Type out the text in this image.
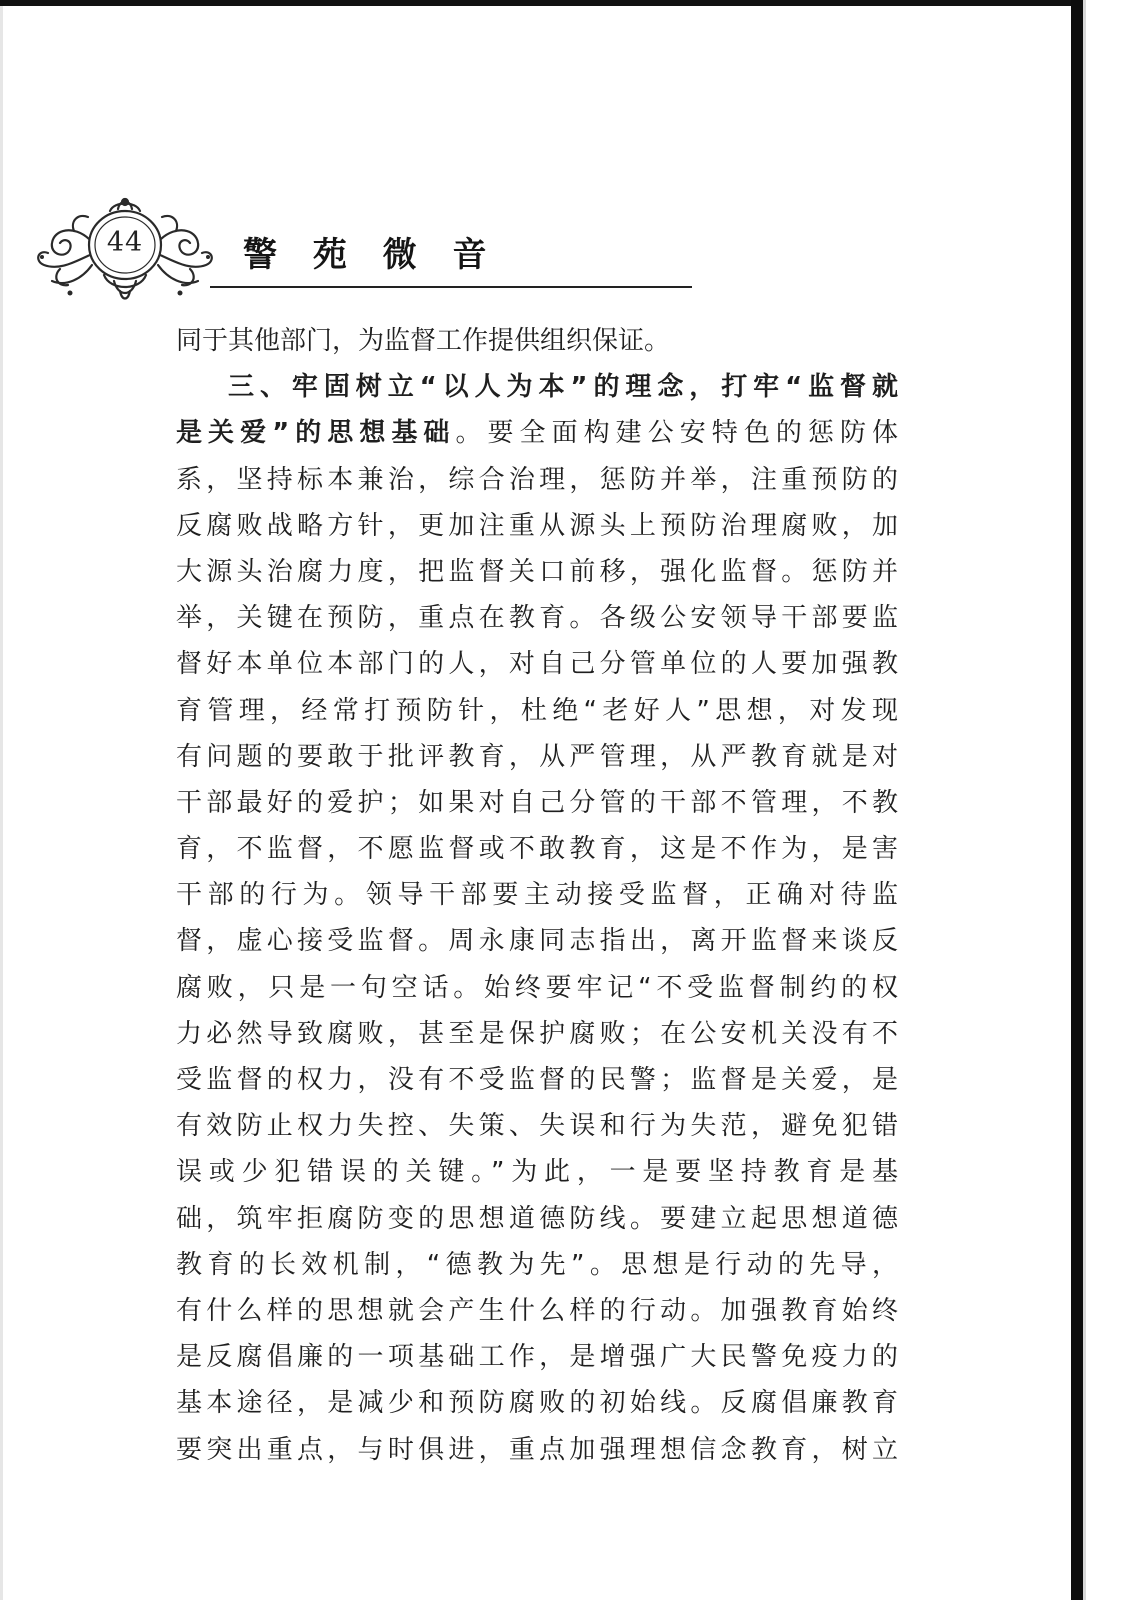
44	警 苑 微 音
同于其他部门，为监督工作提供组织保证。
三、牢固树立“以人为本”的理念，打牢“监督就
是关爱”的思想基础。要全面构建公安特色的惩防体
系，坚持标本兼治，综合治理，惩防并举，注重预防的
反腐败战略方针，更加注重从源头上预防治理腐败，加
大源头治腐力度，把监督关口前移，强化监督。惩防并
举，关键在预防，重点在教育。各级公安领导干部要监
督好本单位本部门的人，对自己分管单位的人要加强教
育管理，经常打预防针，杜绝“老好人”思想，对发现
有问题的要敢于批评教育，从严管理，从严教育就是对
干部最好的爱护；如果对自己分管的干部不管理，不教
育，不监督，不愿监督或不敢教育，这是不作为，是害
干部的行为。领导干部要主动接受监督，正确对待监
督，虚心接受监督。周永康同志指出，离开监督来谈反
腐败，只是一句空话。始终要牢记“不受监督制约的权
力必然导致腐败，甚至是保护腐败；在公安机关没有不
受监督的权力，没有不受监督的民警；监督是关爱，是
有效防止权力失控、失策、失误和行为失范，避免犯错
误或少犯错误的关键。”为此，一是要坚持教育是基
础，筑牢拒腐防变的思想道德防线。要建立起思想道德
教育的长效机制，“德教为先”。思想是行动的先导，
有什么样的思想就会产生什么样的行动。加强教育始终
是反腐倡廉的一项基础工作，是增强广大民警免疫力的
基本途径，是减少和预防腐败的初始线。反腐倡廉教育
要突出重点，与时俱进，重点加强理想信念教育，树立
